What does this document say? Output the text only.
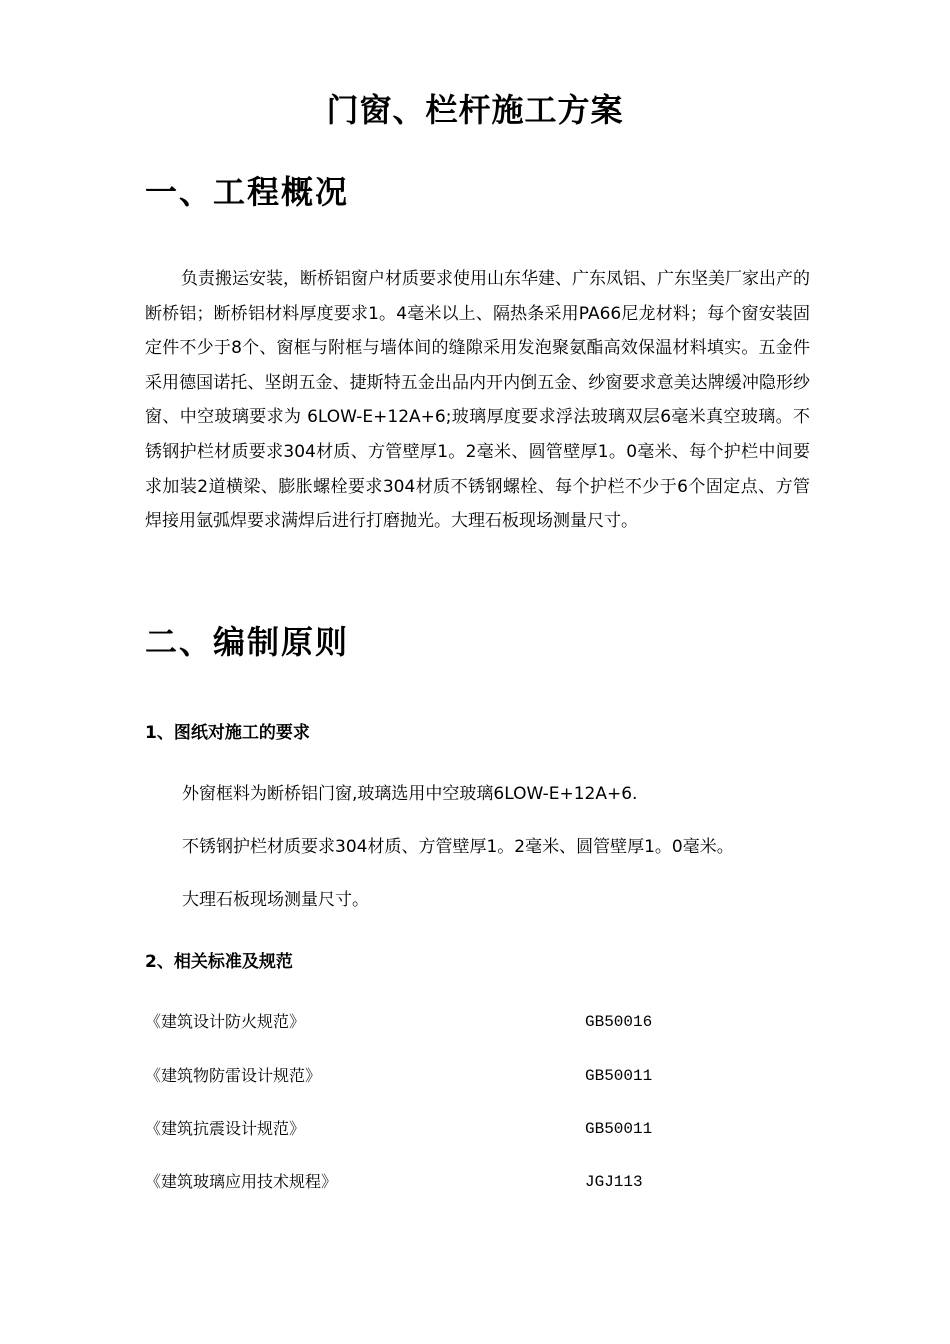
门窗、栏杆施工方案
一、工程概况
负责搬运安装，断桥铝窗户材质要求使用山东华建、广东凤铝、广东坚美厂家出产的断桥铝；断桥铝材料厚度要求1。4毫米以上、隔热条采用PA66尼龙材料；每个窗安装固定件不少于8个、窗框与附框与墙体间的缝隙采用发泡聚氨酯高效保温材料填实。五金件采用德国诺托、坚朗五金、捷斯特五金出品内开内倒五金、纱窗要求意美达牌缓冲隐形纱窗、中空玻璃要求为 6LOW-E+12A+6;玻璃厚度要求浮法玻璃双层6毫米真空玻璃。不锈钢护栏材质要求304材质、方管壁厚1。2毫米、圆管壁厚1。0毫米、每个护栏中间要求加装2道横梁、膨胀螺栓要求304材质不锈钢螺栓、每个护栏不少于6个固定点、方管焊接用氩弧焊要求满焊后进行打磨抛光。大理石板现场测量尺寸。
二、编制原则
1、图纸对施工的要求
外窗框料为断桥铝门窗,玻璃选用中空玻璃6LOW-E+12A+6.
不锈钢护栏材质要求304材质、方管壁厚1。2毫米、圆管壁厚1。0毫米。
大理石板现场测量尺寸。
2、相关标准及规范
《建筑设计防火规范》	GB50016
《建筑物防雷设计规范》	GB50011
《建筑抗震设计规范》	GB50011
《建筑玻璃应用技术规程》	JGJ113
